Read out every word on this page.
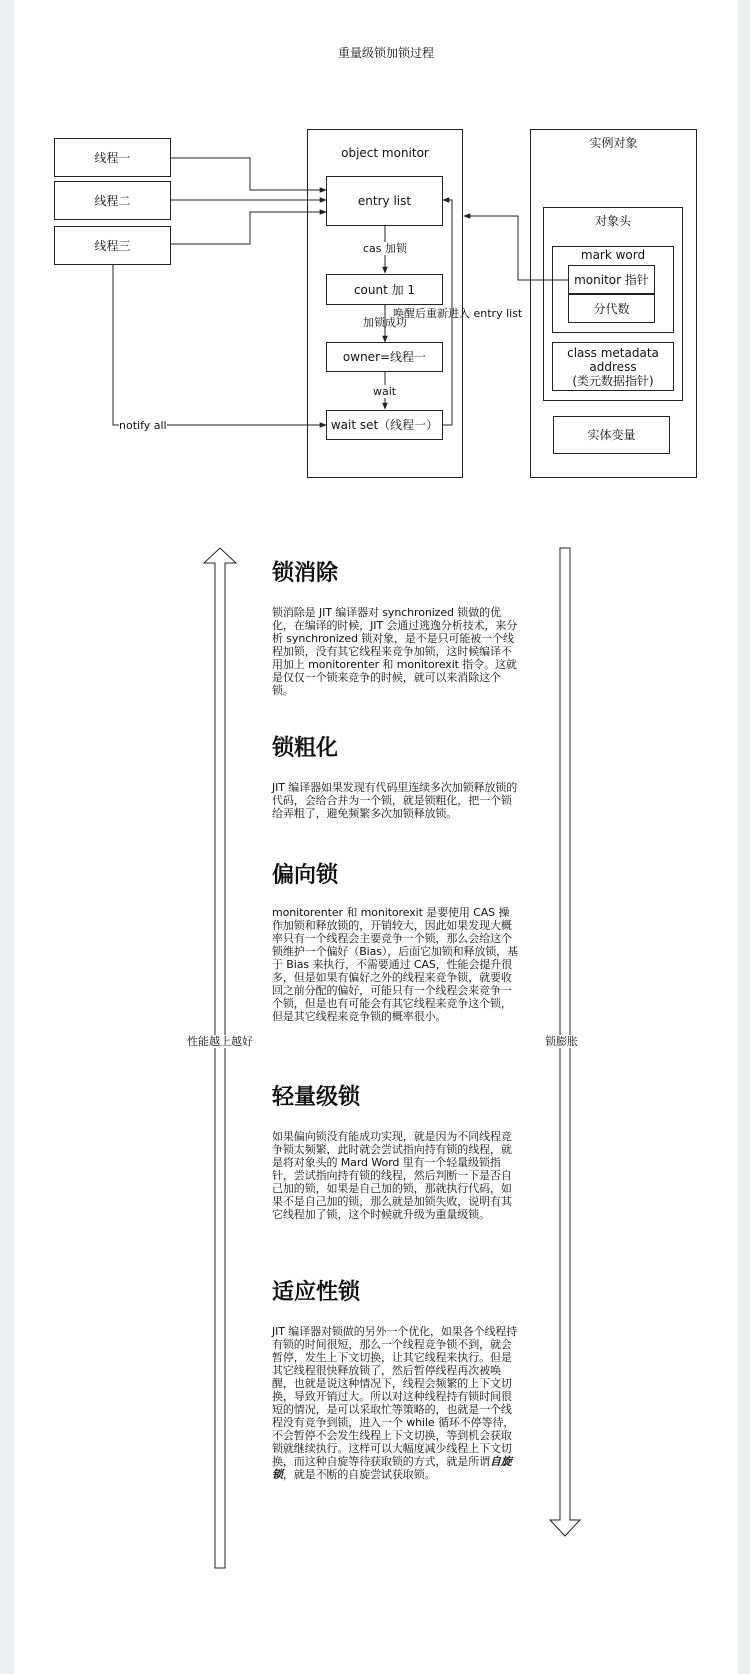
重量级锁加锁过程
object monitor
实例对象
对象头
mark word
线程一
线程二
线程三
entry list
count 加 1
owner=线程一
wait set（线程一）
monitor 指针
分代数
class metadata address
(类元数据指针)
实体变量
cas 加锁
唤醒后重新进入 entry list
加锁成功
wait
notify all
性能越上越好	锁膨胀
锁消除

锁消除是 JIT 编译器对 synchronized 锁做的优化，在编译的时候，JIT 会通过逃逸分析技术，来分析 synchronized 锁对象，是不是只可能被一个线程加锁，没有其它线程来竞争加锁，这时候编译不用加上 monitorenter 和 monitorexit 指令。这就是仅仅一个锁来竞争的时候，就可以来消除这个锁。

锁粗化

JIT 编译器如果发现有代码里连续多次加锁释放锁的代码，会给合并为一个锁，就是锁粗化，把一个锁给弄粗了，避免频繁多次加锁释放锁。

偏向锁

monitorenter 和 monitorexit 是要使用 CAS 操作加锁和释放锁的，开销较大，因此如果发现大概率只有一个线程会主要竞争一个锁，那么会给这个锁维护一个偏好（Bias），后面它加锁和释放锁，基于 Bias 来执行，不需要通过 CAS，性能会提升很多，但是如果有偏好之外的线程来竞争锁，就要收回之前分配的偏好，可能只有一个线程会来竞争一个锁，但是也有可能会有其它线程来竞争这个锁，但是其它线程来竞争锁的概率很小。

轻量级锁

如果偏向锁没有能成功实现，就是因为不同线程竞争锁太频繁，此时就会尝试指向持有锁的线程，就是将对象头的 Mard Word 里有一个轻量级锁指针，尝试指向持有锁的线程，然后判断一下是否自己加的锁，如果是自己加的锁，那就执行代码，如果不是自己加的锁，那么就是加锁失败，说明有其它线程加了锁，这个时候就升级为重量级锁。

适应性锁

JIT 编译器对锁做的另外一个优化，如果各个线程持有锁的时间很短，那么一个线程竞争锁不到，就会暂停，发生上下文切换，让其它线程来执行。但是其它线程很快释放锁了，然后暂停线程再次被唤醒，也就是说这种情况下，线程会频繁的上下文切换，导致开销过大。所以对这种线程持有锁时间很短的情况，是可以采取忙等策略的，也就是一个线程没有竞争到锁，进入一个 while 循环不停等待，不会暂停不会发生线程上下文切换，等到机会获取锁就继续执行。这样可以大幅度减少线程上下文切换，而这种自旋等待获取锁的方式，就是所谓自旋锁，就是不断的自旋尝试获取锁。
